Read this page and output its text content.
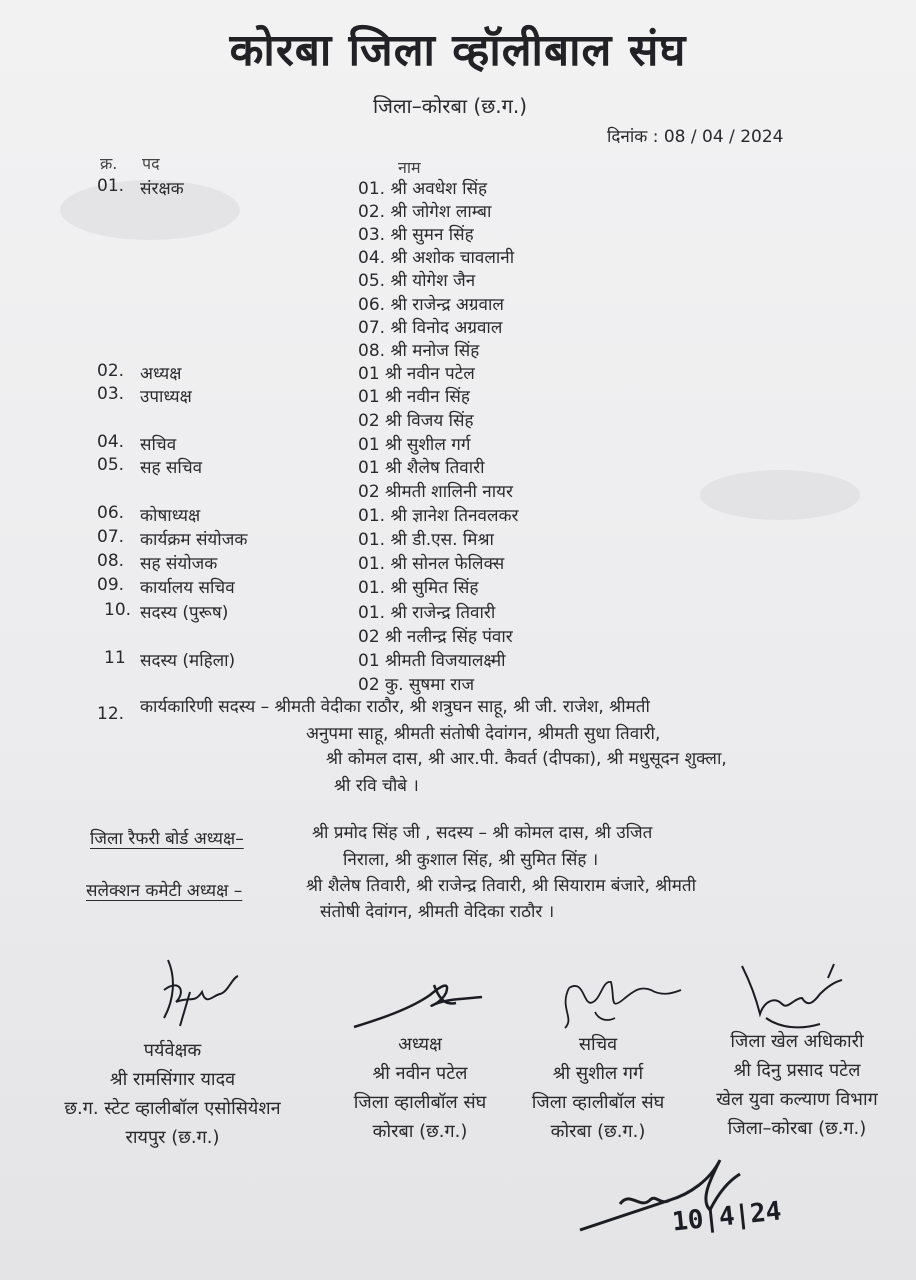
कोरबा जिला व्हॉलीबाल संघ
जिला–कोरबा (छ.ग.)
दिनांक : 08 / 04 / 2024
क्र. पद	नाम
01. संरक्षक	01. श्री अवधेश सिंह
02. श्री जोगेश लाम्बा
03. श्री सुमन सिंह
04. श्री अशोक चावलानी
05. श्री योगेश जैन
06. श्री राजेन्द्र अग्रवाल
07. श्री विनोद अग्रवाल
08. श्री मनोज सिंह
02. अध्यक्ष	01 श्री नवीन पटेल
03. उपाध्यक्ष	01 श्री नवीन सिंह
02 श्री विजय सिंह
04. सचिव	01 श्री सुशील गर्ग
05. सह सचिव	01 श्री शैलेष तिवारी
02 श्रीमती शालिनी नायर
06. कोषाध्यक्ष	01. श्री ज्ञानेश तिनवलकर
07. कार्यक्रम संयोजक	01. श्री डी.एस. मिश्रा
08. सह संयोजक	01. श्री सोनल फेलिक्स
09. कार्यालय सचिव	01. श्री सुमित सिंह
10. सदस्य (पुरूष)	01. श्री राजेन्द्र तिवारी
02 श्री नलीन्द्र सिंह पंवार
11 सदस्य (महिला)	01 श्रीमती विजयालक्ष्मी
02 कु. सुषमा राज
12. कार्यकारिणी सदस्य – श्रीमती वेदीका राठौर, श्री शत्रुघन साहू, श्री जी. राजेश, श्रीमती
अनुपमा साहू, श्रीमती संतोषी देवांगन, श्रीमती सुधा तिवारी,
श्री कोमल दास, श्री आर.पी. कैवर्त (दीपका), श्री मधुसूदन शुक्ला,
श्री रवि चौबे ।
जिला रैफरी बोर्ड अध्यक्ष–	श्री प्रमोद सिंह जी , सदस्य – श्री कोमल दास, श्री उजित
निराला, श्री कुशाल सिंह, श्री सुमित सिंह ।
सलेक्शन कमेटी अध्यक्ष –	श्री शैलेष तिवारी, श्री राजेन्द्र तिवारी, श्री सियाराम बंजारे, श्रीमती
संतोषी देवांगन, श्रीमती वेदिका राठौर ।
पर्यवेक्षक
श्री रामसिंगार यादव
छ.ग. स्टेट व्हालीबॉल एसोसियेशन
रायपुर (छ.ग.)
अध्यक्ष
श्री नवीन पटेल
जिला व्हालीबॉल संघ
कोरबा (छ.ग.)
सचिव
श्री सुशील गर्ग
जिला व्हालीबॉल संघ
कोरबा (छ.ग.)
जिला खेल अधिकारी
श्री दिनु प्रसाद पटेल
खेल युवा कल्याण विभाग
जिला–कोरबा (छ.ग.)
10|4|24
